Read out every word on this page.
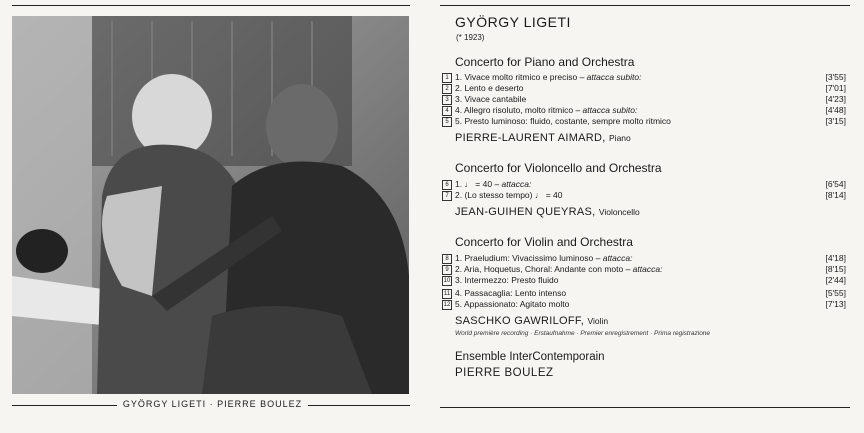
GYÖRGY LIGETI · PIERRE BOULEZ
GYÖRGY LIGETI
(* 1923)
Concerto for Piano and Orchestra
1 1. Vivace molto ritmico e preciso – attacca subito:	[3'55]
2 2. Lento e deserto	[7'01]
3 3. Vivace cantabile	[4'23]
4 4. Allegro risoluto, molto ritmico – attacca subito:	[4'48]
5 5. Presto luminoso: fluido, costante, sempre molto ritmico	[3'15]
PIERRE-LAURENT AIMARD, Piano
Concerto for Violoncello and Orchestra
6 1. ♩ = 40 – attacca:	[6'54]
7 2. (Lo stesso tempo) ♩ = 40	[8'14]
JEAN-GUIHEN QUEYRAS, Violoncello
Concerto for Violin and Orchestra
8 1. Praeludium: Vivacissimo luminoso – attacca:	[4'18]
9 2. Aria, Hoquetus, Choral: Andante con moto – attacca:	[8'15]
10 3. Intermezzo: Presto fluido	[2'44]
11 4. Passacaglia: Lento intenso	[5'55]
12 5. Appassionato: Agitato molto	[7'13]
SASCHKO GAWRILOFF, Violin
World première recording · Erstaufnahme · Premier enregistrement · Prima registrazione
Ensemble InterContemporain
PIERRE BOULEZ
